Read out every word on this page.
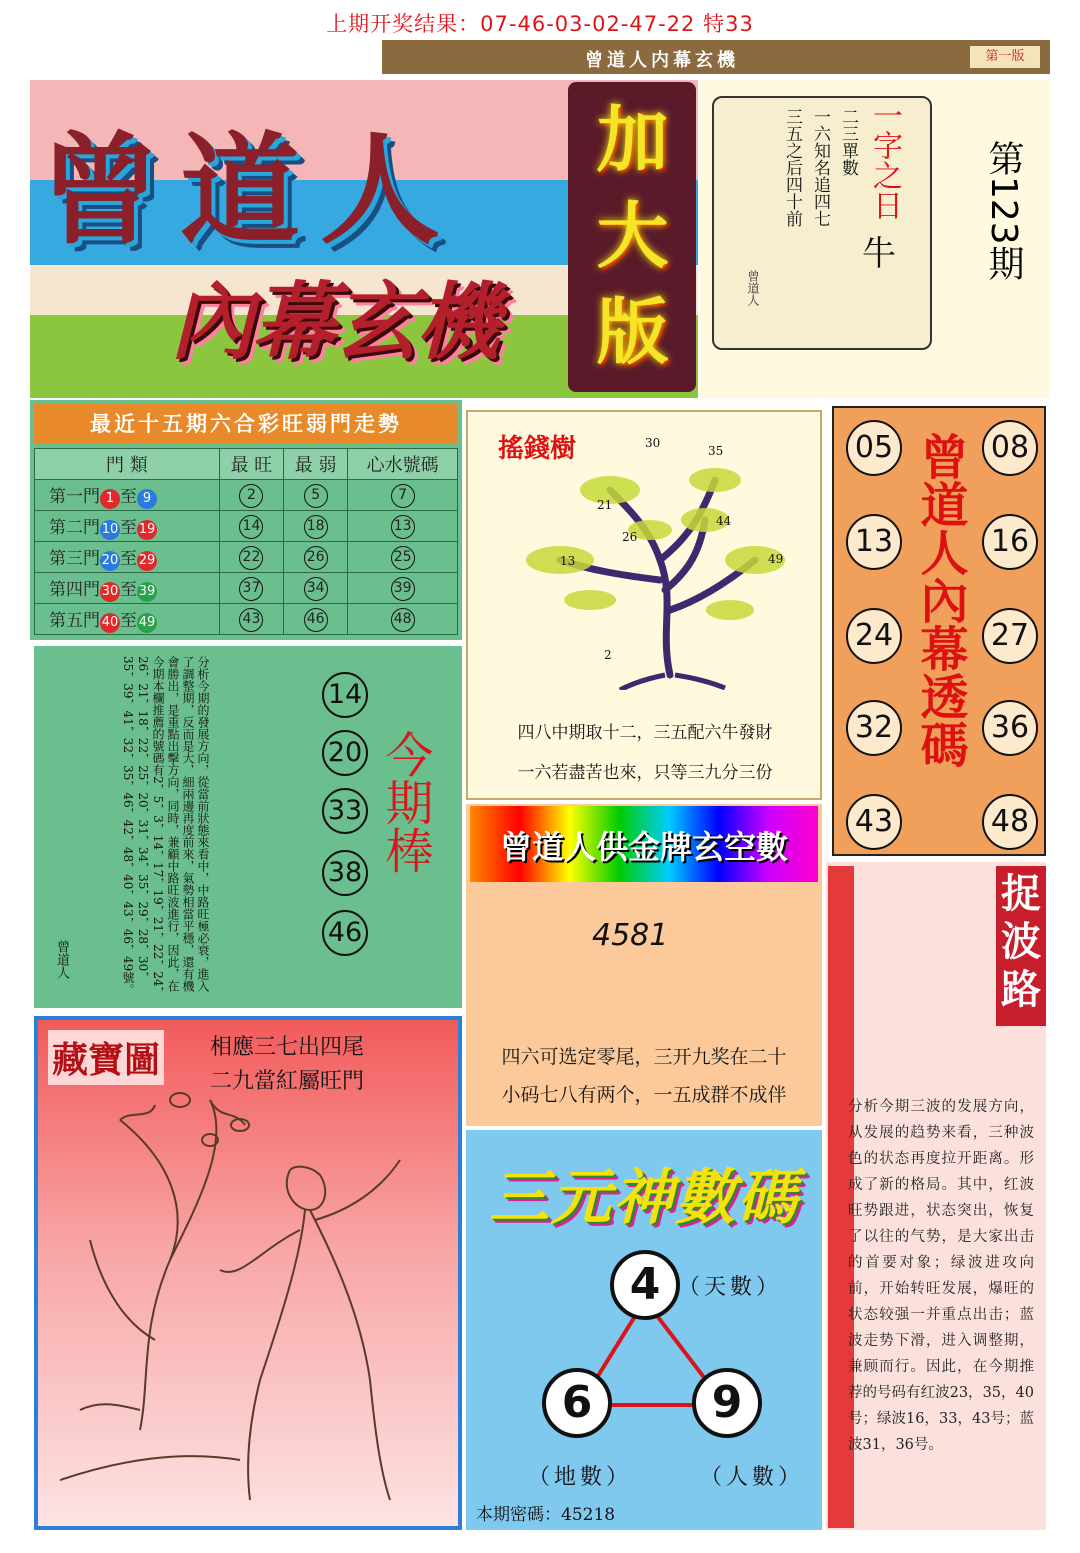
上期开奖结果：07-46-03-02-47-22 特33
曾道人内幕玄機	第一版
曾道人
內幕玄機
加大版
一字之日
牛
二三單數
一六知名追四七
三五之后四十前
曾道人
第123期
最近十五期六合彩旺弱門走勢
門 類	最 旺	最 弱	心水號碼
第一門 1 至 9	2	5	7
第二門 10 至 19	14	18	13
第三門 20 至 29	22	26	25
第四門 30 至 39	37	34	39
第五門 40 至 49	43	46	48
分析今期的發展方向，從當前狀態來看中，中路旺極必衰，進入了調整期，反而是大，細兩邊再度前來，氣勢相當平穩，還有機會勝出，是重點出擊方向，同時，兼顧中路旺波進行，因此，在今期本欄推薦的號碼有2，5，3，14，17，19，21，22，24，26，21，18，22，25，20，31，34，35，29，28，30，35，39，41，32，35，46，42，48，40，43，46，49號。
曾道人
14
20
33
38
46
今期棒
搖錢樹	30
35
21
26
44
13	49
2
四八中期取十二，三五配六牛發財
一六若盡苦也來，只等三九分三份
05
13
24
32
43
08
16
27
36
48
曾道人內幕透碼
曾道人供金牌玄空數
4581
四六可选定零尾，三开九奖在二十
小码七八有两个，一五成群不成伴
捉波路
分析今期三波的发展方向，从发展的趋势来看，三种波色的状态再度拉开距离。形成了新的格局。其中，红波旺势跟进，状态突出，恢复了以往的气势，是大家出击的首要对象；绿波进攻向前，开始转旺发展，爆旺的状态较强一并重点出击；蓝波走势下滑，进入调整期，兼顾而行。因此，在今期推荐的号码有红波23，35，40号；绿波16，33，43号；蓝波31，36号。
藏寶圖 相應三七出四尾
二九當紅屬旺門
三元神數碼
4
6	9
（天數）
（地數）	（人數）
本期密碼：45218
